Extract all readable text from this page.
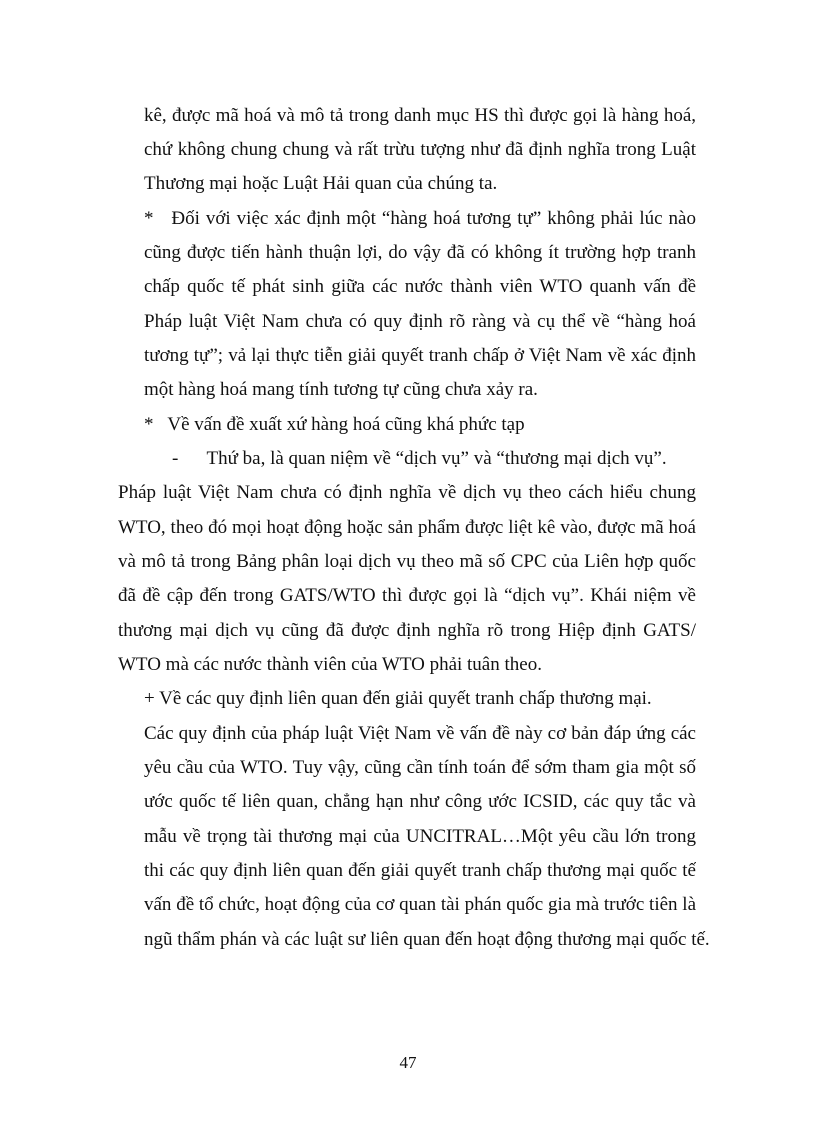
kê, được mã hoá và mô tả trong danh mục HS thì được gọi là hàng hoá,
chứ không chung chung và rất trừu tượng như đã định nghĩa trong Luật
Thương mại hoặc Luật Hải quan của chúng ta.
*   Đối với việc xác định một “hàng hoá tương tự” không phải lúc nào
cũng được tiến hành thuận lợi, do vậy đã có không ít trường hợp tranh
chấp quốc tế phát sinh giữa các nước thành viên WTO quanh vấn đề
Pháp luật Việt Nam chưa có quy định rõ ràng và cụ thể về “hàng hoá
tương tự”; vả lại thực tiễn giải quyết tranh chấp ở Việt Nam về xác định
một hàng hoá mang tính tương tự cũng chưa xảy ra.
*   Về vấn đề xuất xứ hàng hoá cũng khá phức tạp
-      Thứ ba, là quan niệm về “dịch vụ” và “thương mại dịch vụ”.
Pháp luật Việt Nam chưa có định nghĩa về dịch vụ theo cách hiểu chung
WTO, theo đó mọi hoạt động hoặc sản phẩm được liệt kê vào, được mã hoá
và mô tả trong Bảng phân loại dịch vụ theo mã số CPC của Liên hợp quốc
đã đề cập đến trong GATS/WTO thì được gọi là “dịch vụ”. Khái niệm về
thương mại dịch vụ cũng đã được định nghĩa rõ trong Hiệp định GATS/
WTO mà các nước thành viên của WTO phải tuân theo.
+ Về các quy định liên quan đến giải quyết tranh chấp thương mại.
Các quy định của pháp luật Việt Nam về vấn đề này cơ bản đáp ứng các
yêu cầu của WTO. Tuy vậy, cũng cần tính toán để sớm tham gia một số
ước quốc tế liên quan, chẳng hạn như công ước ICSID, các quy tắc và
mẫu về trọng tài thương mại của UNCITRAL…Một yêu cầu lớn trong
thi các quy định liên quan đến giải quyết tranh chấp thương mại quốc tế
vấn đề tổ chức, hoạt động của cơ quan tài phán quốc gia mà trước tiên là
ngũ thẩm phán và các luật sư liên quan đến hoạt động thương mại quốc tế.
47
